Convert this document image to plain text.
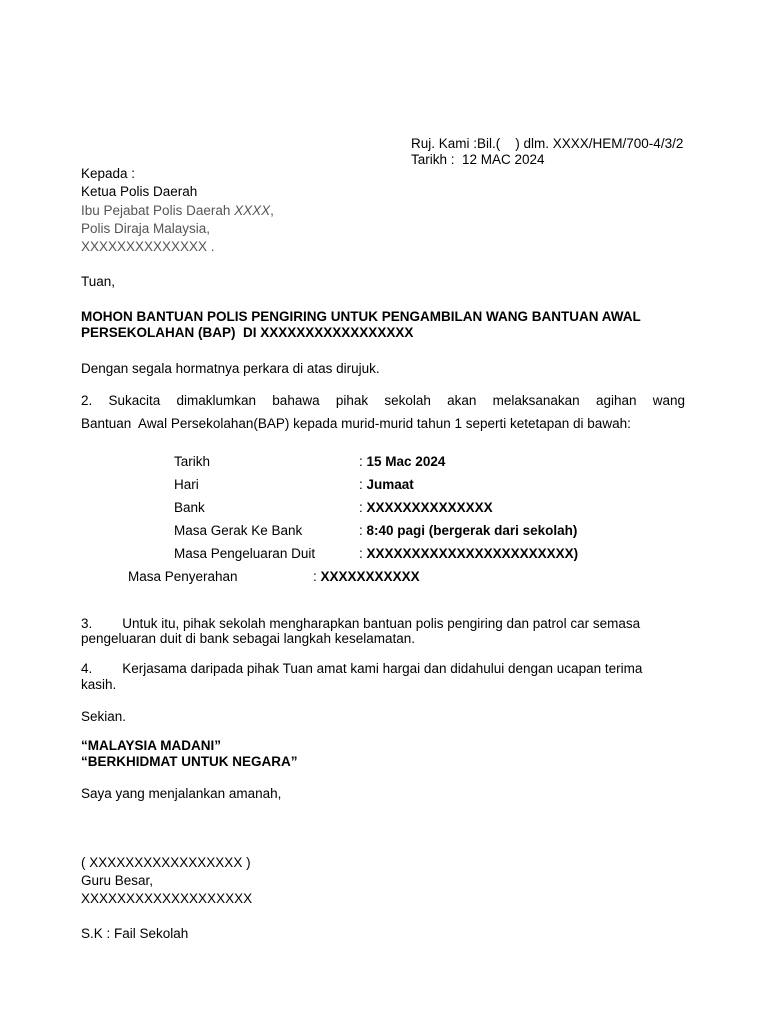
Ruj. Kami :Bil.(    ) dlm. XXXX/HEM/700-4/3/2
Tarikh :  12 MAC 2024
Kepada :
Ketua Polis Daerah
Ibu Pejabat Polis Daerah XXXX,
Polis Diraja Malaysia,
XXXXXXXXXXXXXX .
Tuan,
MOHON BANTUAN POLIS PENGIRING UNTUK PENGAMBILAN WANG BANTUAN AWAL
PERSEKOLAHAN (BAP)  DI XXXXXXXXXXXXXXXXX
Dengan segala hormatnya perkara di atas dirujuk.
2. Sukacita dimaklumkan bahawa pihak sekolah akan melaksanakan agihan wang
Bantuan  Awal Persekolahan(BAP) kepada murid-murid tahun 1 seperti ketetapan di bawah:
Tarikh	: 15 Mac 2024
Hari	: Jumaat
Bank	: XXXXXXXXXXXXXX
Masa Gerak Ke Bank	: 8:40 pagi (bergerak dari sekolah)
Masa Pengeluaran Duit	: XXXXXXXXXXXXXXXXXXXXXXX)
Masa Penyerahan	: XXXXXXXXXXX
3.        Untuk itu, pihak sekolah mengharapkan bantuan polis pengiring dan patrol car semasa
pengeluaran duit di bank sebagai langkah keselamatan.
4.        Kerjasama daripada pihak Tuan amat kami hargai dan didahului dengan ucapan terima
kasih.
Sekian.
“MALAYSIA MADANI”
“BERKHIDMAT UNTUK NEGARA”
Saya yang menjalankan amanah,
( XXXXXXXXXXXXXXXXX )
Guru Besar,
XXXXXXXXXXXXXXXXXXX
S.K : Fail Sekolah
